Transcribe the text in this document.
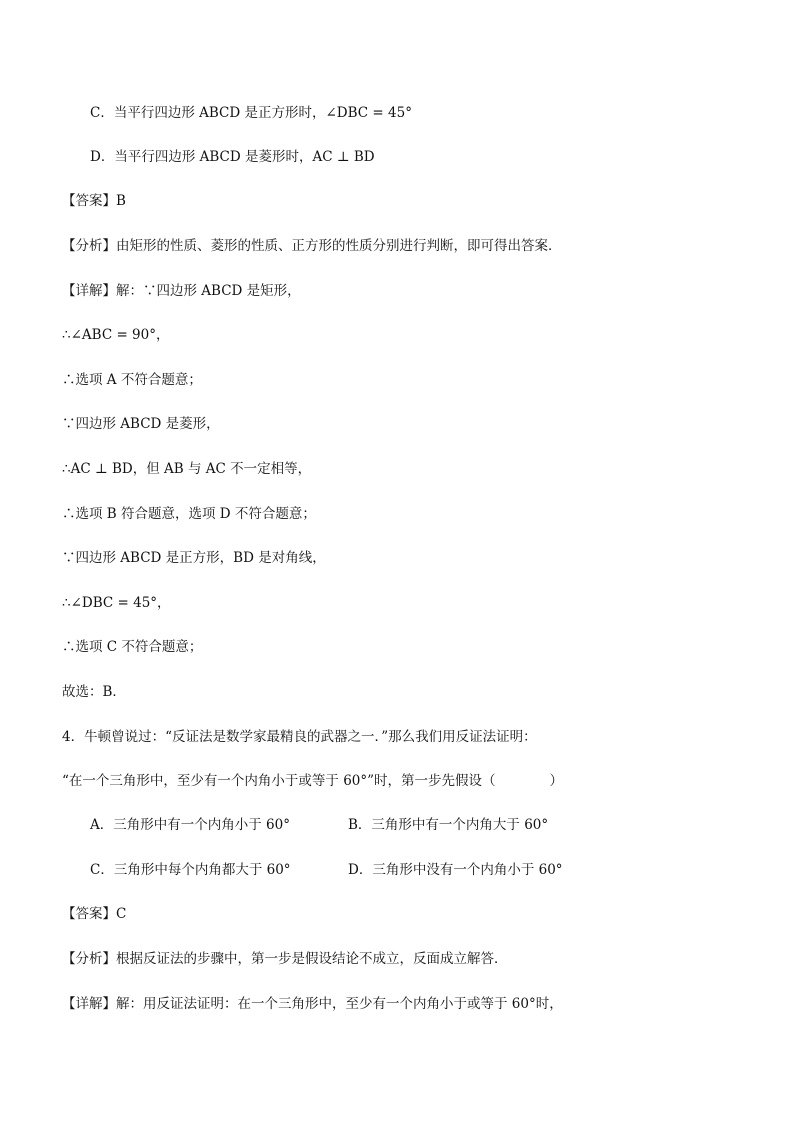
C．当平行四边形 ABCD 是正方形时，∠DBC = 45°
D．当平行四边形 ABCD 是菱形时，AC ⊥ BD
【答案】B
【分析】由矩形的性质、菱形的性质、正方形的性质分别进行判断，即可得出答案．
【详解】解：∵四边形 ABCD 是矩形，
∴∠ABC = 90°，
∴选项 A 不符合题意；
∵四边形 ABCD 是菱形，
∴AC ⊥ BD，但 AB 与 AC 不一定相等，
∴选项 B 符合题意，选项 D 不符合题意；
∵四边形 ABCD 是正方形，BD 是对角线，
∴∠DBC = 45°，
∴选项 C 不符合题意；
故选：B．
4．牛顿曾说过：“反证法是数学家最精良的武器之一．”那么我们用反证法证明：
“在一个三角形中，至少有一个内角小于或等于 60°”时，第一步先假设（　　　　）
A．三角形中有一个内角小于 60°	B．三角形中有一个内角大于 60°
C．三角形中每个内角都大于 60°	D．三角形中没有一个内角小于 60°
【答案】C
【分析】根据反证法的步骤中，第一步是假设结论不成立，反面成立解答．
【详解】解：用反证法证明：在一个三角形中，至少有一个内角小于或等于 60°时，
